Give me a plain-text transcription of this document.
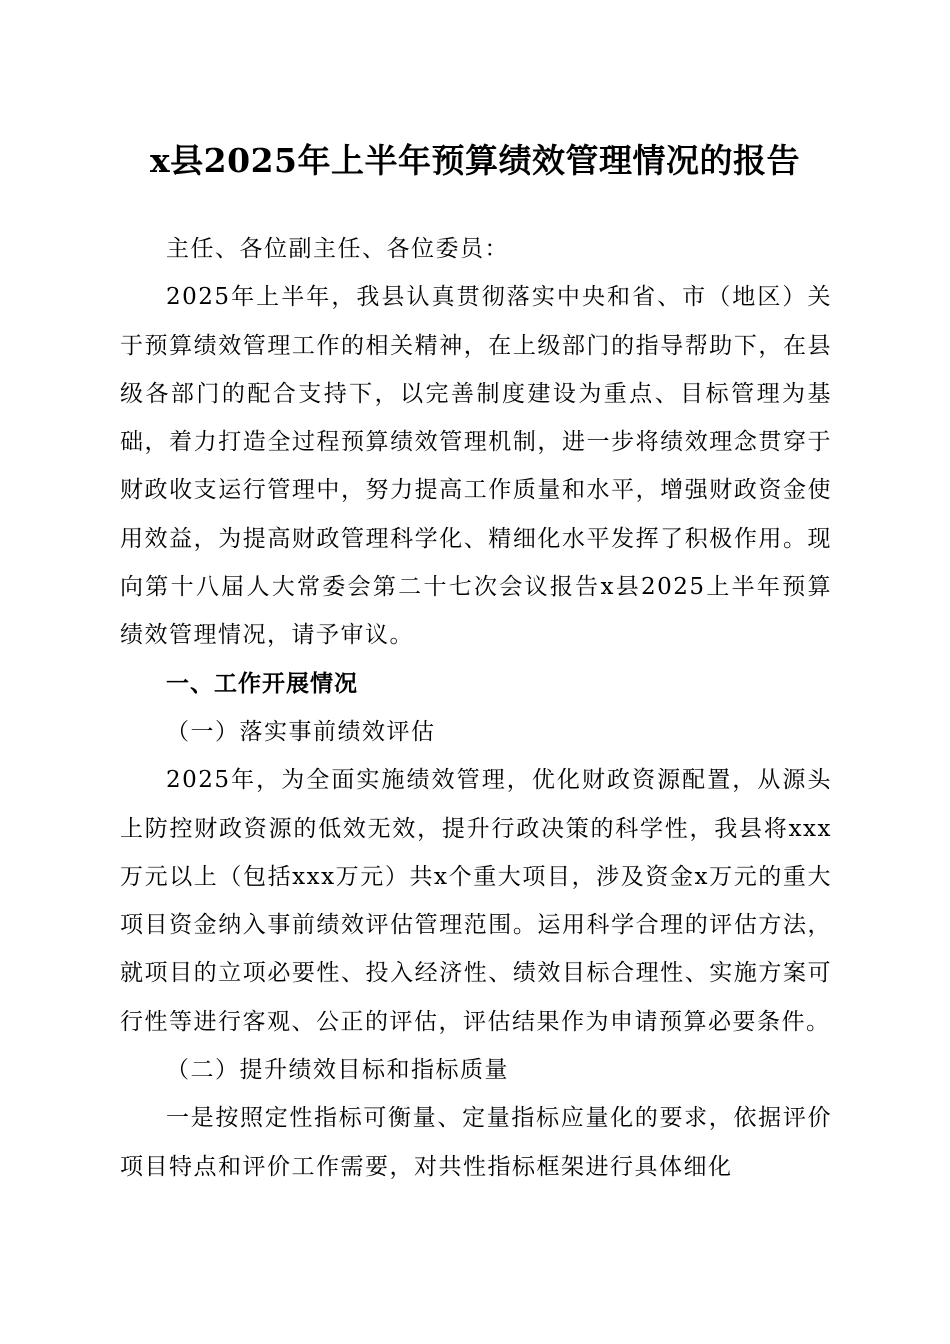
x县2025年上半年预算绩效管理情况的报告

主任、各位副主任、各位委员：

2025年上半年，我县认真贯彻落实中央和省、市（地区）关于预算绩效管理工作的相关精神，在上级部门的指导帮助下，在县级各部门的配合支持下，以完善制度建设为重点、目标管理为基础，着力打造全过程预算绩效管理机制，进一步将绩效理念贯穿于财政收支运行管理中，努力提高工作质量和水平，增强财政资金使用效益，为提高财政管理科学化、精细化水平发挥了积极作用。现向第十八届人大常委会第二十七次会议报告x县2025上半年预算绩效管理情况，请予审议。

一、工作开展情况

（一）落实事前绩效评估

2025年，为全面实施绩效管理，优化财政资源配置，从源头上防控财政资源的低效无效，提升行政决策的科学性，我县将xxx万元以上（包括xxx万元）共x个重大项目，涉及资金x万元的重大项目资金纳入事前绩效评估管理范围。运用科学合理的评估方法，就项目的立项必要性、投入经济性、绩效目标合理性、实施方案可行性等进行客观、公正的评估，评估结果作为申请预算必要条件。

（二）提升绩效目标和指标质量

一是按照定性指标可衡量、定量指标应量化的要求，依据评价项目特点和评价工作需要，对共性指标框架进行具体细化
